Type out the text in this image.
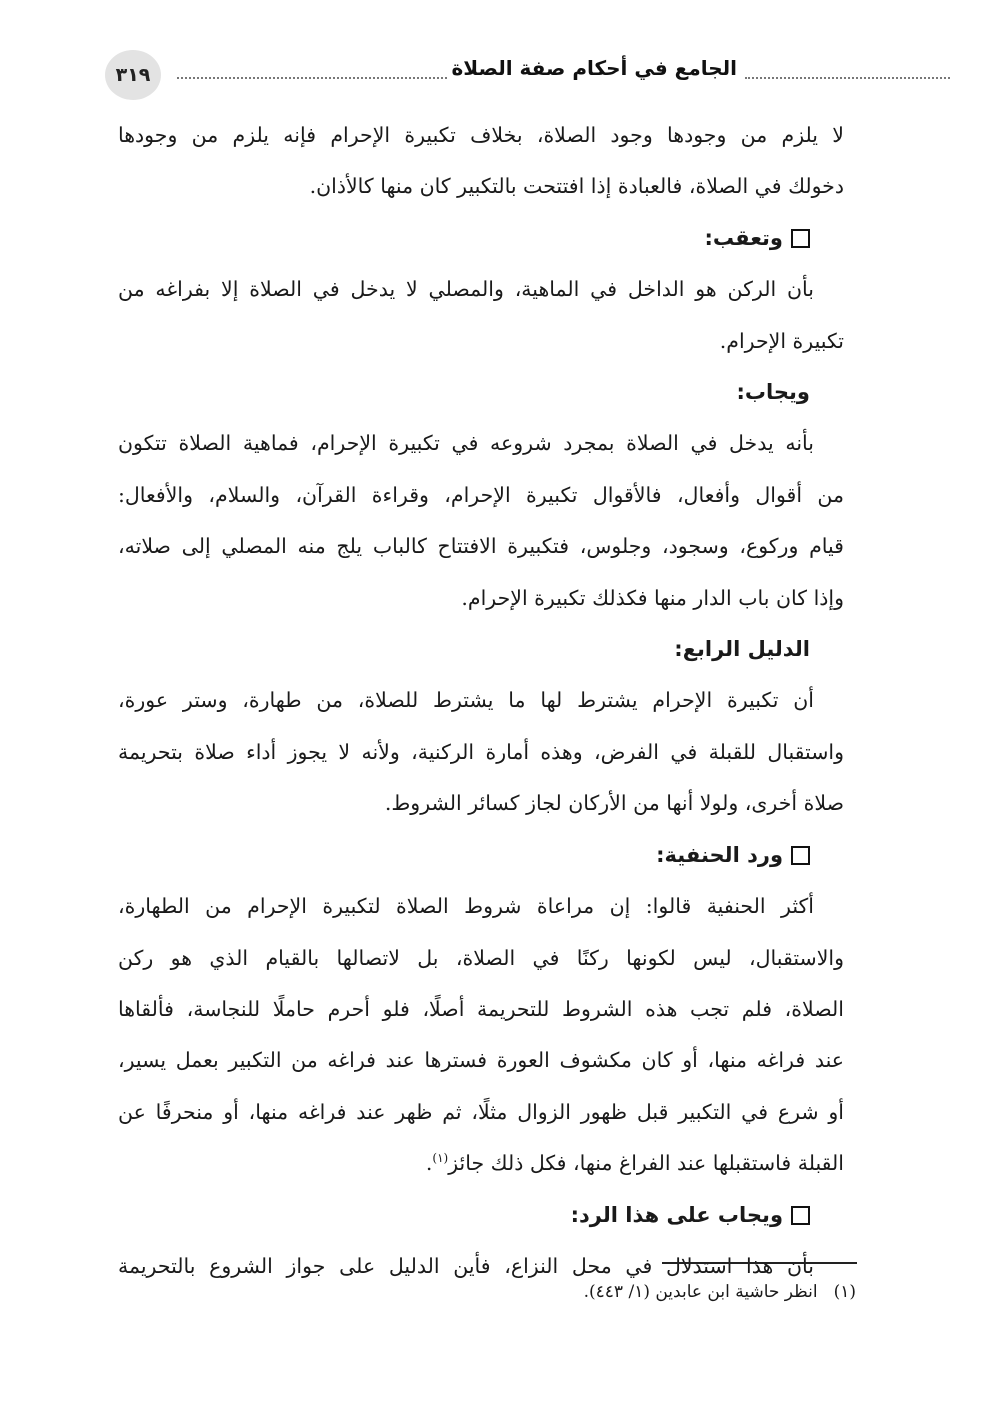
٣١٩	الجامع في أحكام صفة الصلاة

لا يلزم من وجودها وجود الصلاة، بخلاف تكبيرة الإحرام فإنه يلزم من وجودها

دخولك في الصلاة، فالعبادة إذا افتتحت بالتكبير كان منها كالأذان.

وتعقب:

بأن الركن هو الداخل في الماهية، والمصلي لا يدخل في الصلاة إلا بفراغه من

تكبيرة الإحرام.

ويجاب:

بأنه يدخل في الصلاة بمجرد شروعه في تكبيرة الإحرام، فماهية الصلاة تتكون

من أقوال وأفعال، فالأقوال تكبيرة الإحرام، وقراءة القرآن، والسلام، والأفعال:

قيام وركوع، وسجود، وجلوس، فتكبيرة الافتتاح كالباب يلج منه المصلي إلى صلاته،

وإذا كان باب الدار منها فكذلك تكبيرة الإحرام.

الدليل الرابع:

أن تكبيرة الإحرام يشترط لها ما يشترط للصلاة، من طهارة، وستر عورة،

واستقبال للقبلة في الفرض، وهذه أمارة الركنية، ولأنه لا يجوز أداء صلاة بتحريمة

صلاة أخرى، ولولا أنها من الأركان لجاز كسائر الشروط.

ورد الحنفية:

أكثر الحنفية قالوا: إن مراعاة شروط الصلاة لتكبيرة الإحرام من الطهارة،

والاستقبال، ليس لكونها ركنًا في الصلاة، بل لاتصالها بالقيام الذي هو ركن

الصلاة، فلم تجب هذه الشروط للتحريمة أصلًا، فلو أحرم حاملًا للنجاسة، فألقاها

عند فراغه منها، أو كان مكشوف العورة فسترها عند فراغه من التكبير بعمل يسير،

أو شرع في التكبير قبل ظهور الزوال مثلًا، ثم ظهر عند فراغه منها، أو منحرفًا عن

القبلة فاستقبلها عند الفراغ منها، فكل ذلك جائز$^{(١)}$.

ويجاب على هذا الرد:

بأن هذا استدلال في محل النزاع، فأين الدليل على جواز الشروع بالتحريمة

(١)انظر حاشية ابن عابدين (١/ ٤٤٣).
